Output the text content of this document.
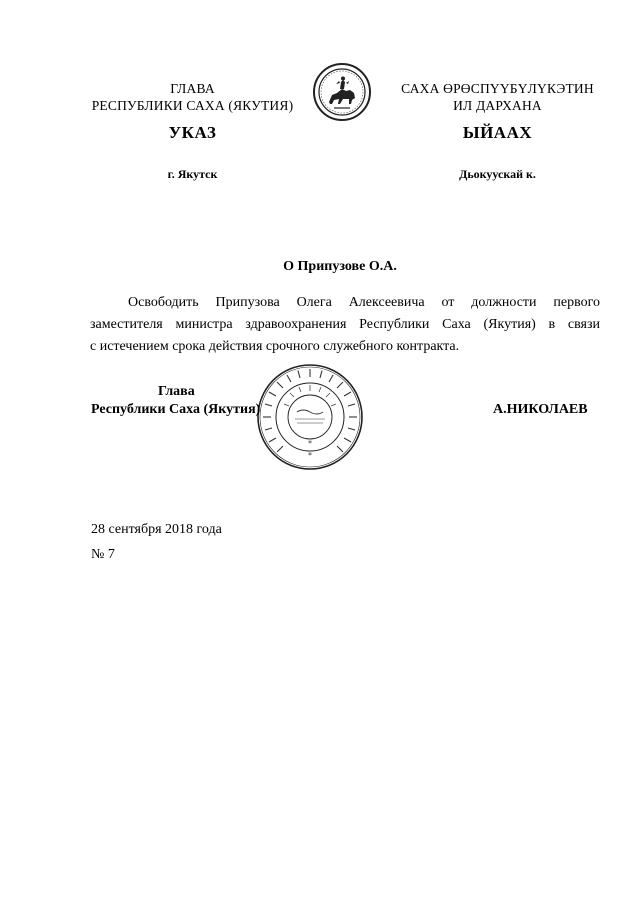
ГЛАВА
РЕСПУБЛИКИ САХА (ЯКУТИЯ)
САХА ӨРӨСПҮҮБҮЛҮКЭТИН
ИЛ ДАРХАНА
УКАЗ	ЫЙААХ
г. Якутск	Дьокуускай к.
О Припузове О.А.
Освободить Припузова Олега Алексеевича от должности первого
заместителя министра здравоохранения Республики Саха (Якутия) в связи
с истечением срока действия срочного служебного контракта.
*
*
Глава
Республики Саха (Якутия)	А.НИКОЛАЕВ
28 сентября 2018 года
№ 7
